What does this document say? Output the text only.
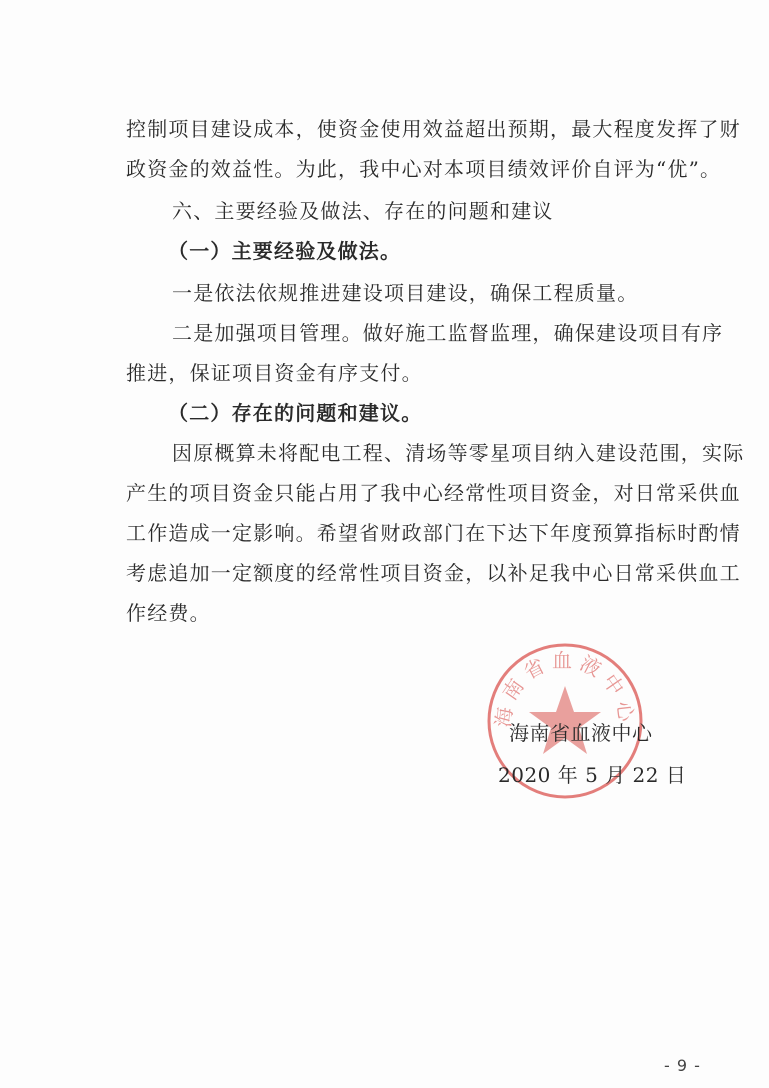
控制项目建设成本，使资金使用效益超出预期，最大程度发挥了财
政资金的效益性。为此，我中心对本项目绩效评价自评为“优”。
六、主要经验及做法、存在的问题和建议
（一）主要经验及做法。
一是依法依规推进建设项目建设，确保工程质量。
二是加强项目管理。做好施工监督监理，确保建设项目有序
推进，保证项目资金有序支付。
（二）存在的问题和建议。
因原概算未将配电工程、清场等零星项目纳入建设范围，实际
产生的项目资金只能占用了我中心经常性项目资金，对日常采供血
工作造成一定影响。希望省财政部门在下达下年度预算指标时酌情
考虑追加一定额度的经常性项目资金，以补足我中心日常采供血工
作经费。
海南省血液中心
海南省血液中心
2020 年 5 月 22 日
- 9 -
